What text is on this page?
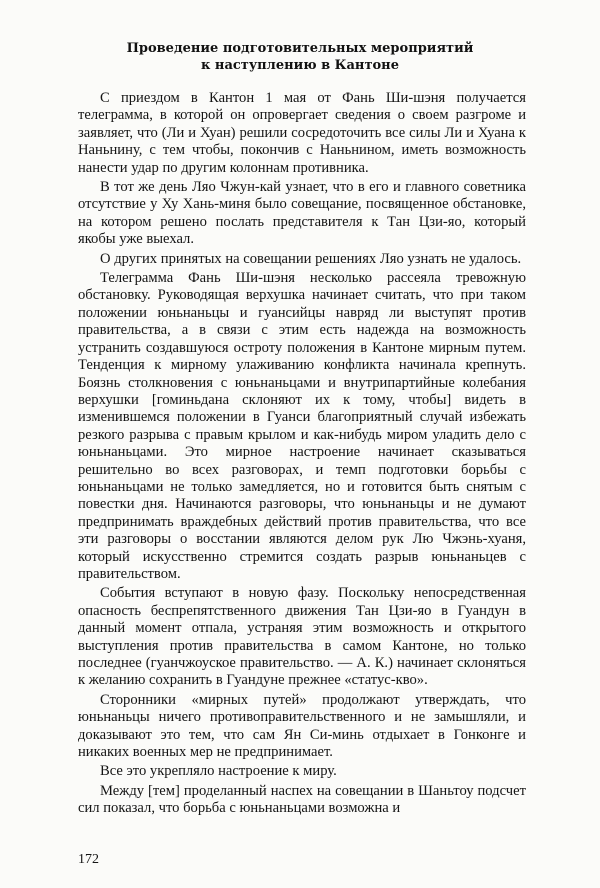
Проведение подготовительных мероприятий
к наступлению в Кантоне

С приездом в Кантон 1 мая от Фань Ши-шэня получается телеграмма, в которой он опровергает сведения о своем разгроме и заявляет, что (Ли и Хуан) решили сосредоточить все силы Ли и Хуана к Наньнину, с тем чтобы, покончив с Наньнином, иметь возможность нанести удар по другим колоннам противника.

В тот же день Ляо Чжун-кай узнает, что в его и главного советника отсутствие у Ху Хань-миня было совещание, посвященное обстановке, на котором решено послать представителя к Тан Цзи-яо, который якобы уже выехал.

О других принятых на совещании решениях Ляо узнать не удалось.

Телеграмма Фань Ши-шэня несколько рассеяла тревожную обстановку. Руководящая верхушка начинает считать, что при таком положении юньнаньцы и гуансийцы навряд ли выступят против правительства, а в связи с этим есть надежда на возможность устранить создавшуюся остроту положения в Кантоне мирным путем. Тенденция к мирному улаживанию конфликта начинала крепнуть. Боязнь столкновения с юньнаньцами и внутрипартийные колебания верхушки [гоминьдана склоняют их к тому, чтобы] видеть в изменившемся положении в Гуанси благоприятный случай избежать резкого разрыва с правым крылом и как-нибудь миром уладить дело с юньнаньцами. Это мирное настроение начинает сказываться решительно во всех разговорах, и темп подготовки борьбы с юньнаньцами не только замедляется, но и готовится быть снятым с повестки дня. Начинаются разговоры, что юньнаньцы и не думают предпринимать враждебных действий против правительства, что все эти разговоры о восстании являются делом рук Лю Чжэнь-хуаня, который искусственно стремится создать разрыв юньнаньцев с правительством.

События вступают в новую фазу. Поскольку непосредственная опасность беспрепятственного движения Тан Цзи-яо в Гуандун в данный момент отпала, устраняя этим возможность и открытого выступления против правительства в самом Кантоне, но только последнее (гуанчжоуское правительство. — А. К.) начинает склоняться к желанию сохранить в Гуандуне прежнее «статус-кво».

Сторонники «мирных путей» продолжают утверждать, что юньнаньцы ничего противоправительственного и не замышляли, и доказывают это тем, что сам Ян Си-минь отдыхает в Гонконге и никаких военных мер не предпринимает.

Все это укрепляло настроение к миру.

Между [тем] проделанный наспех на совещании в Шаньтоу подсчет сил показал, что борьба с юньнаньцами возможна и

172
